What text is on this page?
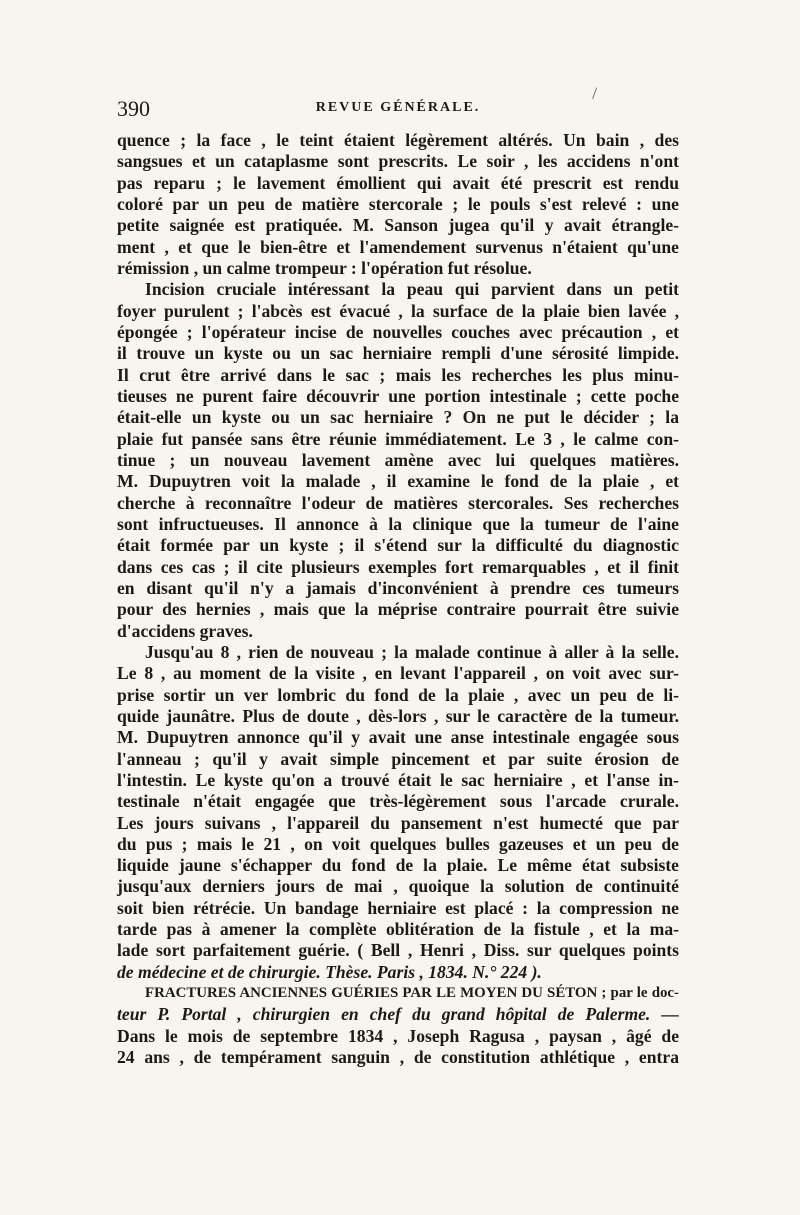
390	REVUE GÉNÉRALE.
quence ; la face , le teint étaient légèrement altérés. Un bain , des
sangsues et un cataplasme sont prescrits. Le soir , les accidens n'ont
pas reparu ; le lavement émollient qui avait été prescrit est rendu
coloré par un peu de matière stercorale ; le pouls s'est relevé : une
petite saignée est pratiquée. M. Sanson jugea qu'il y avait étrangle-
ment , et que le bien-être et l'amendement survenus n'étaient qu'une
rémission , un calme trompeur : l'opération fut résolue.
Incision cruciale intéressant la peau qui parvient dans un petit
foyer purulent ; l'abcès est évacué , la surface de la plaie bien lavée ,
épongée ; l'opérateur incise de nouvelles couches avec précaution , et
il trouve un kyste ou un sac herniaire rempli d'une sérosité limpide.
Il crut être arrivé dans le sac ; mais les recherches les plus minu-
tieuses ne purent faire découvrir une portion intestinale ; cette poche
était-elle un kyste ou un sac herniaire ? On ne put le décider ; la
plaie fut pansée sans être réunie immédiatement. Le 3 , le calme con-
tinue ; un nouveau lavement amène avec lui quelques matières.
M. Dupuytren voit la malade , il examine le fond de la plaie , et
cherche à reconnaître l'odeur de matières stercorales. Ses recherches
sont infructueuses. Il annonce à la clinique que la tumeur de l'aine
était formée par un kyste ; il s'étend sur la difficulté du diagnostic
dans ces cas ; il cite plusieurs exemples fort remarquables , et il finit
en disant qu'il n'y a jamais d'inconvénient à prendre ces tumeurs
pour des hernies , mais que la méprise contraire pourrait être suivie
d'accidens graves.
Jusqu'au 8 , rien de nouveau ; la malade continue à aller à la selle.
Le 8 , au moment de la visite , en levant l'appareil , on voit avec sur-
prise sortir un ver lombric du fond de la plaie , avec un peu de li-
quide jaunâtre. Plus de doute , dès-lors , sur le caractère de la tumeur.
M. Dupuytren annonce qu'il y avait une anse intestinale engagée sous
l'anneau ; qu'il y avait simple pincement et par suite érosion de
l'intestin. Le kyste qu'on a trouvé était le sac herniaire , et l'anse in-
testinale n'était engagée que très-légèrement sous l'arcade crurale.
Les jours suivans , l'appareil du pansement n'est humecté que par
du pus ; mais le 21 , on voit quelques bulles gazeuses et un peu de
liquide jaune s'échapper du fond de la plaie. Le même état subsiste
jusqu'aux derniers jours de mai , quoique la solution de continuité
soit bien rétrécie. Un bandage herniaire est placé : la compression ne
tarde pas à amener la complète oblitération de la fistule , et la ma-
lade sort parfaitement guérie. ( Bell , Henri , Diss. sur quelques points
de médecine et de chirurgie. Thèse. Paris , 1834. N.° 224 ).
FRACTURES ANCIENNES GUÉRIES PAR LE MOYEN DU SÉTON ; par le doc-
teur P. Portal , chirurgien en chef du grand hôpital de Palerme. —
Dans le mois de septembre 1834 , Joseph Ragusa , paysan , âgé de
24 ans , de tempérament sanguin , de constitution athlétique , entra
